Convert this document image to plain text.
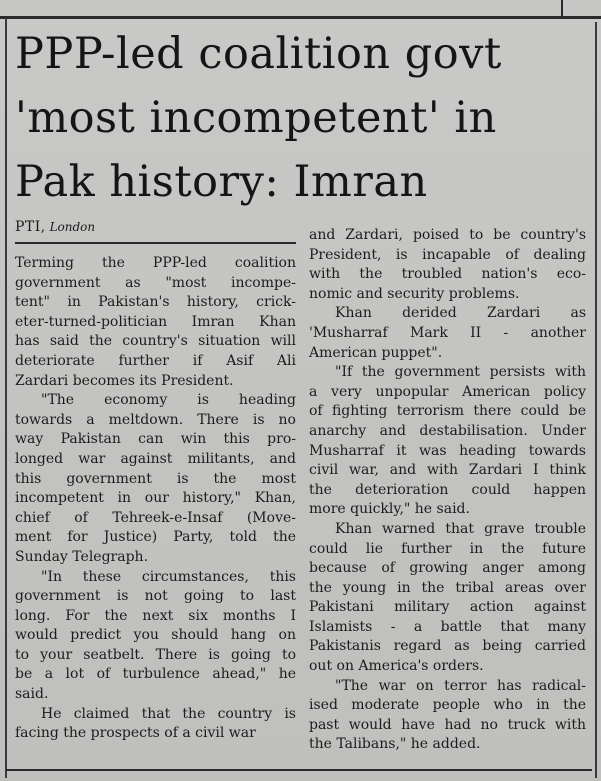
PPP-led coalition govt
'most incompetent' in
Pak history: Imran
PTI, London

Terming the PPP-led coalition
government as "most incompe-
tent" in Pakistan's history, crick-
eter-turned-politician Imran Khan
has said the country's situation will
deteriorate further if Asif Ali
Zardari becomes its President.

"The economy is heading
towards a meltdown. There is no
way Pakistan can win this pro-
longed war against militants, and
this government is the most
incompetent in our history," Khan,
chief of Tehreek-e-Insaf (Move-
ment for Justice) Party, told the
Sunday Telegraph.

"In these circumstances, this
government is not going to last
long. For the next six months I
would predict you should hang on
to your seatbelt. There is going to
be a lot of turbulence ahead," he
said.

He claimed that the country is
facing the prospects of a civil war

and Zardari, poised to be country's
President, is incapable of dealing
with the troubled nation's eco-
nomic and security problems.

Khan derided Zardari as
'Musharraf Mark II - another
American puppet".

"If the government persists with
a very unpopular American policy
of fighting terrorism there could be
anarchy and destabilisation. Under
Musharraf it was heading towards
civil war, and with Zardari I think
the deterioration could happen
more quickly," he said.

Khan warned that grave trouble
could lie further in the future
because of growing anger among
the young in the tribal areas over
Pakistani military action against
Islamists - a battle that many
Pakistanis regard as being carried
out on America's orders.

"The war on terror has radical-
ised moderate people who in the
past would have had no truck with
the Talibans," he added.
